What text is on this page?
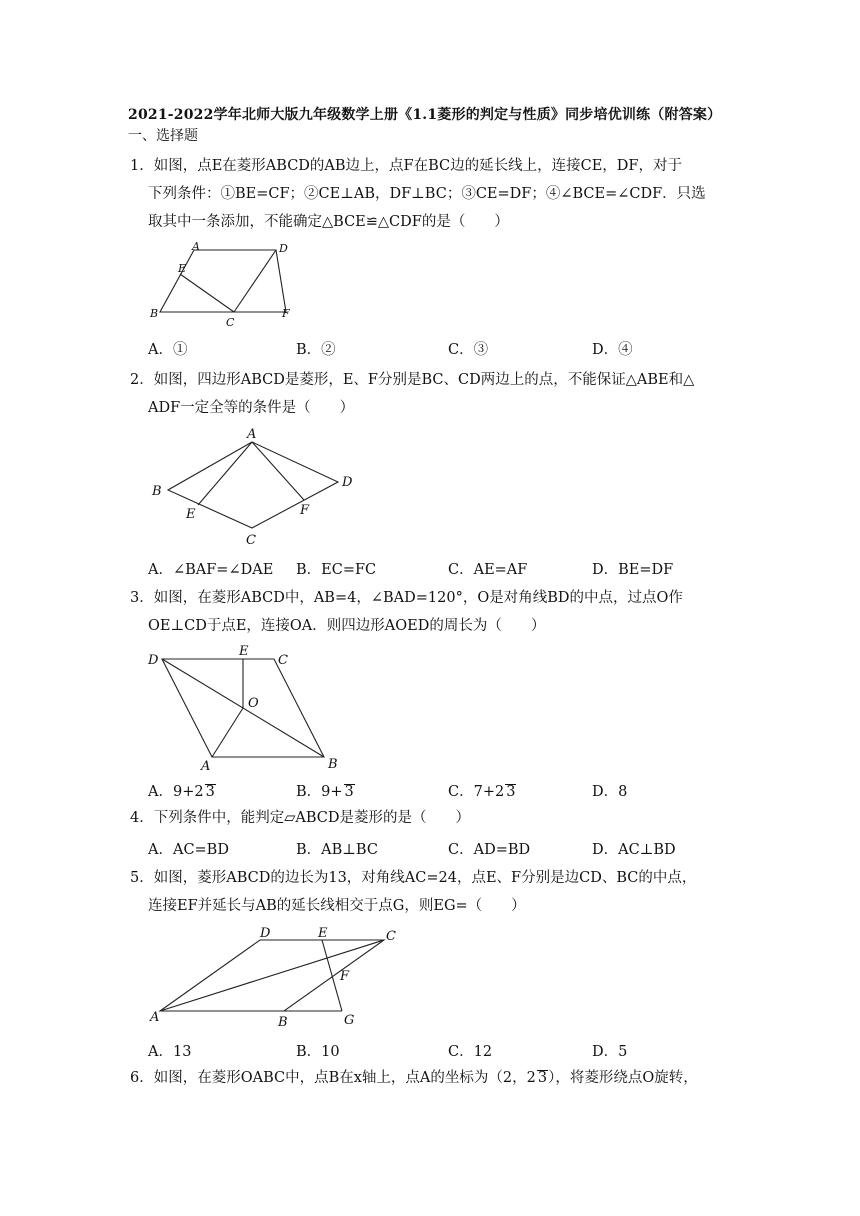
2021-2022学年北师大版九年级数学上册《1.1菱形的判定与性质》同步培优训练（附答案）
一、选择题
1．如图，点E在菱形ABCD的AB边上，点F在BC边的延长线上，连接CE，DF，对于
下列条件：①BE=CF；②CE⊥AB，DF⊥BC；③CE=DF；④∠BCE=∠CDF．只选
取其中一条添加，不能确定△BCE≌△CDF的是（　　）
A	D
E
B
C
F
A．①	B．②	C．③	D．④
2．如图，四边形ABCD是菱形，E、F分别是BC、CD两边上的点，不能保证△ABE和△
ADF一定全等的条件是（　　）
A
B
D
E	F
C
A．∠BAF=∠DAE B．EC=FC	C．AE=AF	D．BE=DF
3．如图，在菱形ABCD中，AB=4，∠BAD=120°，O是对角线BD的中点，过点O作
OE⊥CD于点E，连接OA．则四边形AOED的周长为（　　）
D
E
C
O
A	B
A．9+2 3	B．9+ 3	C．7+2 3	D．8
4．下列条件中，能判定▱ABCD是菱形的是（　　）
A．AC=BD	B．AB⊥BC	C．AD=BD	D．AC⊥BD
5．如图，菱形ABCD的边长为13，对角线AC=24，点E、F分别是边CD、BC的中点，
连接EF并延长与AB的延长线相交于点G，则EG=（　　）
D	E	C
F
A	B	G
A．13	B．10	C．12	D．5
6．如图，在菱形OABC中，点B在x轴上，点A的坐标为（2，2 3），将菱形绕点O旋转，
